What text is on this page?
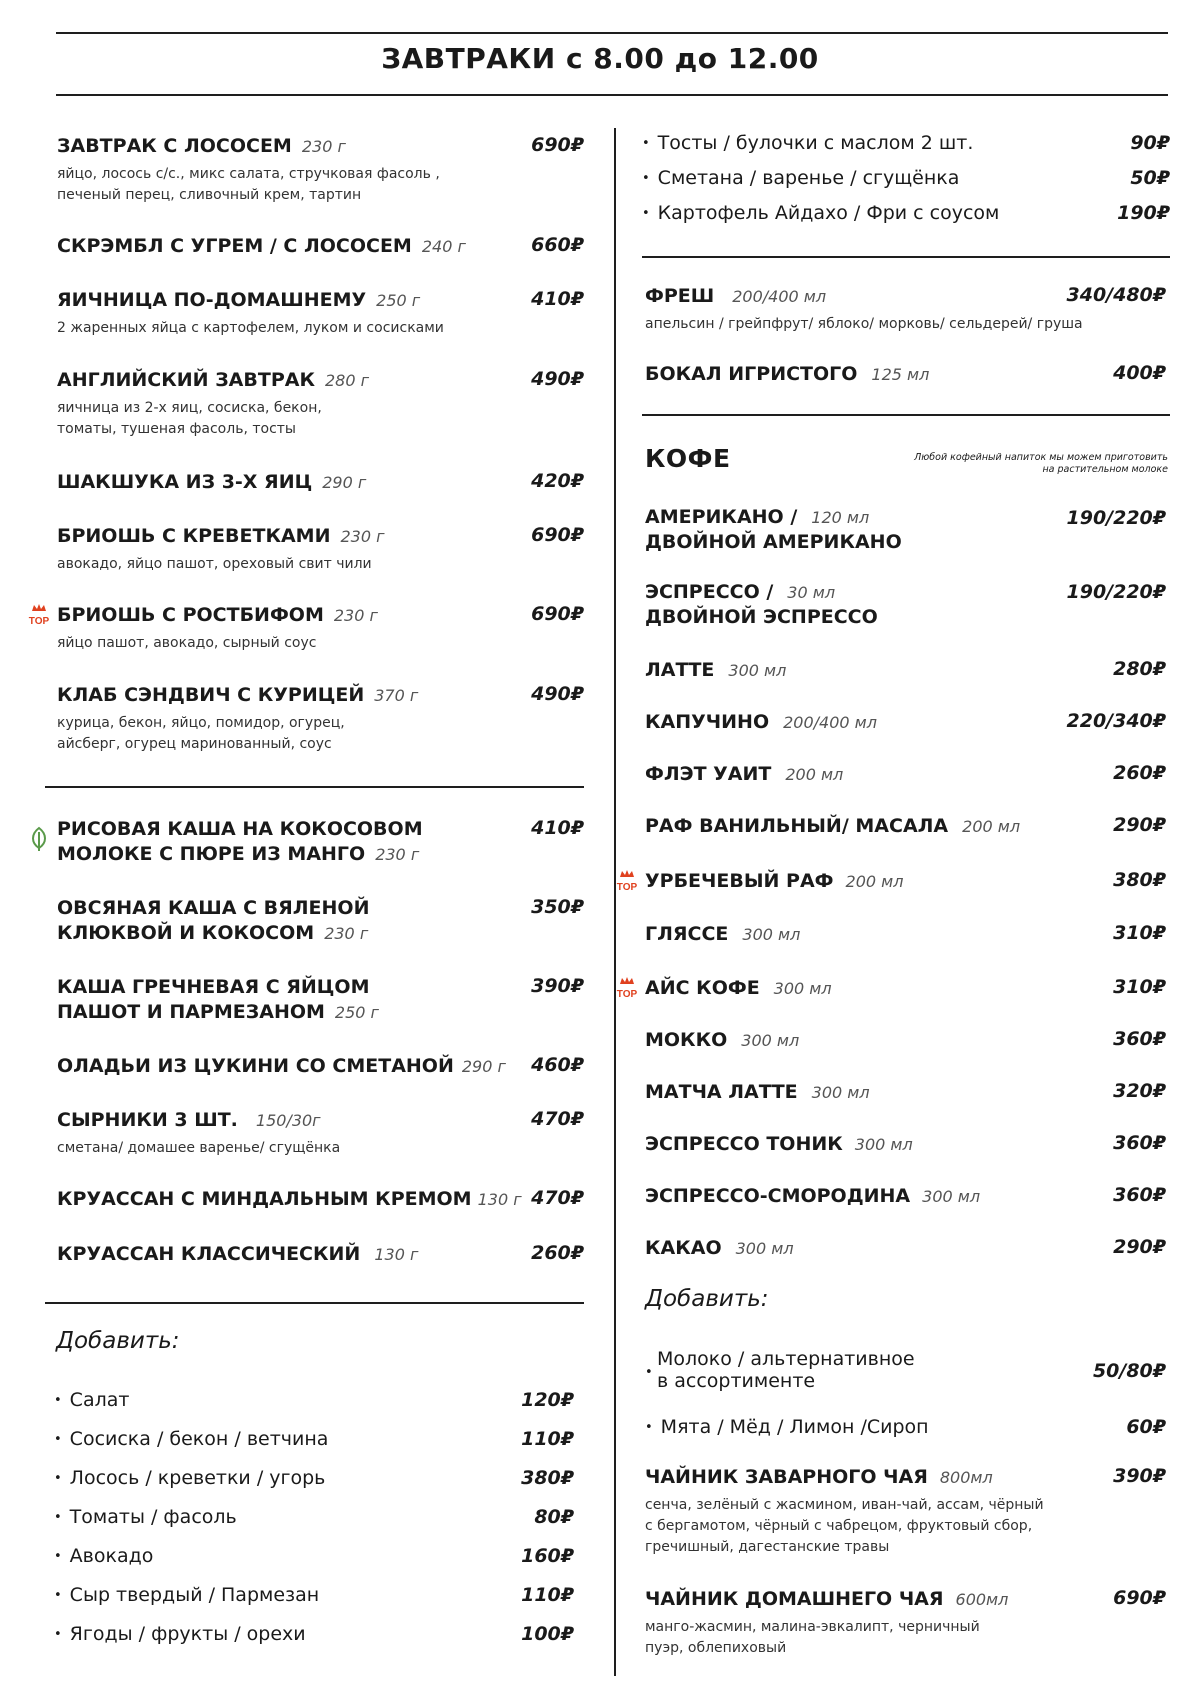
ЗАВТРАКИ с 8.00 до 12.00
ЗАВТРАК С ЛОСОСЕМ 230 г
яйцо, лосось с/с., микс салата, стручковая фасоль ,
печеный перец, сливочный крем, тартин
690₽
СКРЭМБЛ С УГРЕМ / С ЛОСОСЕМ 240 г	660₽
ЯИЧНИЦА ПО-ДОМАШНЕМУ 250 г
2 жаренных яйца с картофелем, луком и сосисками
410₽
АНГЛИЙСКИЙ ЗАВТРАК 280 г
яичница из 2-х яиц, сосиска, бекон,
томаты, тушеная фасоль, тосты
490₽
ШАКШУКА ИЗ 3-Х ЯИЦ 290 г	420₽
БРИОШЬ С КРЕВЕТКАМИ 230 г
авокадо, яйцо пашот, ореховый свит чили
690₽
TOP БРИОШЬ С РОСТБИФОМ 230 г
яйцо пашот, авокадо, сырный соус
690₽
КЛАБ СЭНДВИЧ С КУРИЦЕЙ 370 г
курица, бекон, яйцо, помидор, огурец,
айсберг, огурец маринованный, соус
490₽
РИСОВАЯ КАША НА КОКОСОВОМ
МОЛОКЕ С ПЮРЕ ИЗ МАНГО 230 г
410₽
ОВСЯНАЯ КАША С ВЯЛЕНОЙ
КЛЮКВОЙ И КОКОСОМ 230 г
350₽
КАША ГРЕЧНЕВАЯ С ЯЙЦОМ
ПАШОТ И ПАРМЕЗАНОМ 250 г
390₽
ОЛАДЬИ ИЗ ЦУКИНИ СО СМЕТАНОЙ 290 г 460₽
СЫРНИКИ 3 ШТ. 150/30г
сметана/ домашее варенье/ сгущёнка
470₽
КРУАССАН С МИНДАЛЬНЫМ КРЕМОМ 130 г 470₽
КРУАССАН КЛАССИЧЕСКИЙ 130 г	260₽
Добавить:
• Салат	120₽
• Сосиска / бекон / ветчина	110₽
• Лосось / креветки / угорь	380₽
• Томаты / фасоль	80₽
• Авокадо	160₽
• Сыр твердый / Пармезан	110₽
• Ягоды / фрукты / орехи	100₽
• Тосты / булочки с маслом 2 шт.	90₽
• Сметана / варенье / сгущёнка	50₽
• Картофель Айдахо / Фри с соусом	190₽
ФРЕШ 200/400 мл
апельсин / грейпфрут/ яблоко/ морковь/ сельдерей/ груша
340/480₽
БОКАЛ ИГРИСТОГО 125 мл	400₽
КОФЕ	Любой кофейный напиток мы можем приготовить
на растительном молоке
АМЕРИКАНО / 120 мл
ДВОЙНОЙ АМЕРИКАНО
190/220₽
ЭСПРЕССО / 30 мл
ДВОЙНОЙ ЭСПРЕССО
190/220₽
ЛАТТЕ 300 мл	280₽
КАПУЧИНО 200/400 мл	220/340₽
ФЛЭТ УАИТ 200 мл	260₽
РАФ ВАНИЛЬНЫЙ/ МАСАЛА 200 мл	290₽
TOP УРБЕЧЕВЫЙ РАФ 200 мл	380₽
ГЛЯССЕ 300 мл	310₽
TOP АЙС КОФЕ 300 мл	310₽
МОККО 300 мл	360₽
МАТЧА ЛАТТЕ 300 мл	320₽
ЭСПРЕССО ТОНИК 300 мл	360₽
ЭСПРЕССО-СМОРОДИНА 300 мл	360₽
КАКАО 300 мл	290₽
Добавить:
•
Молоко / альтернативное
в ассортименте	50/80₽
• Мята / Мёд / Лимон /Сироп	60₽
ЧАЙНИК ЗАВАРНОГО ЧАЯ 800мл
сенча, зелёный с жасмином, иван-чай, ассам, чёрный
с бергамотом, чёрный с чабрецом, фруктовый сбор,
гречишный, дагестанские травы
390₽
ЧАЙНИК ДОМАШНЕГО ЧАЯ 600мл
манго-жасмин, малина-эвкалипт, черничный
пуэр, облепиховый
690₽
